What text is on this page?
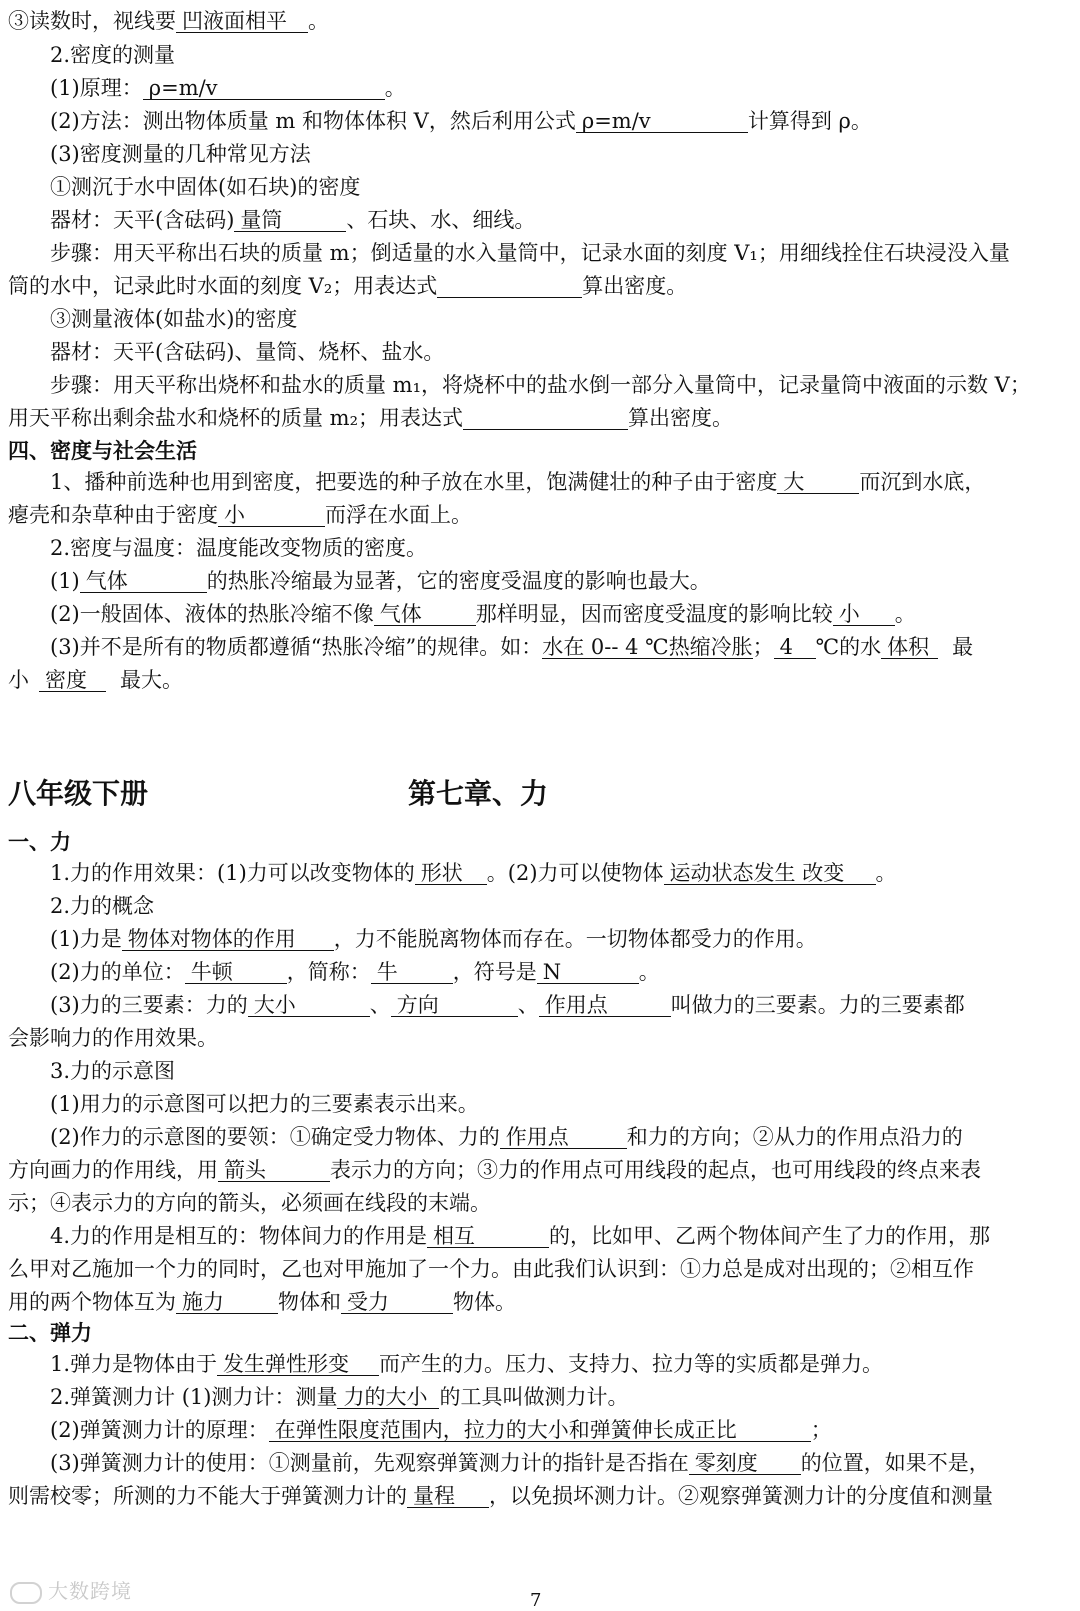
③读数时，视线要 凹液面相平 。
2.密度的测量
(1)原理： ρ=m/v	。
(2)方法：测出物体质量 m 和物体体积 V，然后利用公式 ρ=m/v	计算得到 ρ。
(3)密度测量的几种常见方法
①测沉于水中固体(如石块)的密度
器材：天平(含砝码) 量筒	、石块、水、细线。
步骤：用天平称出石块的质量 m；倒适量的水入量筒中，记录水面的刻度 V₁；用细线拴住石块浸没入量
筒的水中，记录此时水面的刻度 V₂；用表达式	算出密度。
③测量液体(如盐水)的密度
器材：天平(含砝码)、量筒、烧杯、盐水。
步骤：用天平称出烧杯和盐水的质量 m₁，将烧杯中的盐水倒一部分入量筒中，记录量筒中液面的示数 V；
用天平称出剩余盐水和烧杯的质量 m₂；用表达式	算出密度。
四、密度与社会生活
1、播种前选种也用到密度，把要选的种子放在水里，饱满健壮的种子由于密度 大	而沉到水底，
瘪壳和杂草种由于密度 小	而浮在水面上。
2.密度与温度：温度能改变物质的密度。
(1) 气体	的热胀冷缩最为显著，它的密度受温度的影响也最大。
(2)一般固体、液体的热胀冷缩不像 气体	那样明显，因而密度受温度的影响比较 小 。
(3)并不是所有的物质都遵循“热胀冷缩”的规律。如：水在 0-- 4 ℃热缩冷胀； 4 ℃的水 体积 最
小 密度 最大。
八年级下册	第七章、力
一、力
1.力的作用效果：(1)力可以改变物体的 形状 。(2)力可以使物体 运动状态发生 改变 。
2.力的概念
(1)力是 物体对物体的作用 ，力不能脱离物体而存在。一切物体都受力的作用。
(2)力的单位： 牛顿	，简称： 牛	，符号是 N	。
(3)力的三要素：力的 大小	、 方向	、 作用点	叫做力的三要素。力的三要素都
会影响力的作用效果。
3.力的示意图
(1)用力的示意图可以把力的三要素表示出来。
(2)作力的示意图的要领：①确定受力物体、力的 作用点	和力的方向；②从力的作用点沿力的
方向画力的作用线，用 箭头	表示力的方向；③力的作用点可用线段的起点，也可用线段的终点来表
示；④表示力的方向的箭头，必须画在线段的末端。
4.力的作用是相互的：物体间力的作用是 相互	的，比如甲、乙两个物体间产生了力的作用，那
么甲对乙施加一个力的同时，乙也对甲施加了一个力。由此我们认识到：①力总是成对出现的；②相互作
用的两个物体互为 施力	物体和 受力	物体。
二、弹力
1.弹力是物体由于 发生弹性形变 而产生的力。压力、支持力、拉力等的实质都是弹力。
2.弹簧测力计 (1)测力计：测量 力的大小 的工具叫做测力计。
(2)弹簧测力计的原理： 在弹性限度范围内，拉力的大小和弹簧伸长成正比	；
(3)弹簧测力计的使用：①测量前，先观察弹簧测力计的指针是否指在 零刻度 的位置，如果不是，
则需校零；所测的力不能大于弹簧测力计的 量程 ，以免损坏测力计。②观察弹簧测力计的分度值和测量
大数跨境	7
